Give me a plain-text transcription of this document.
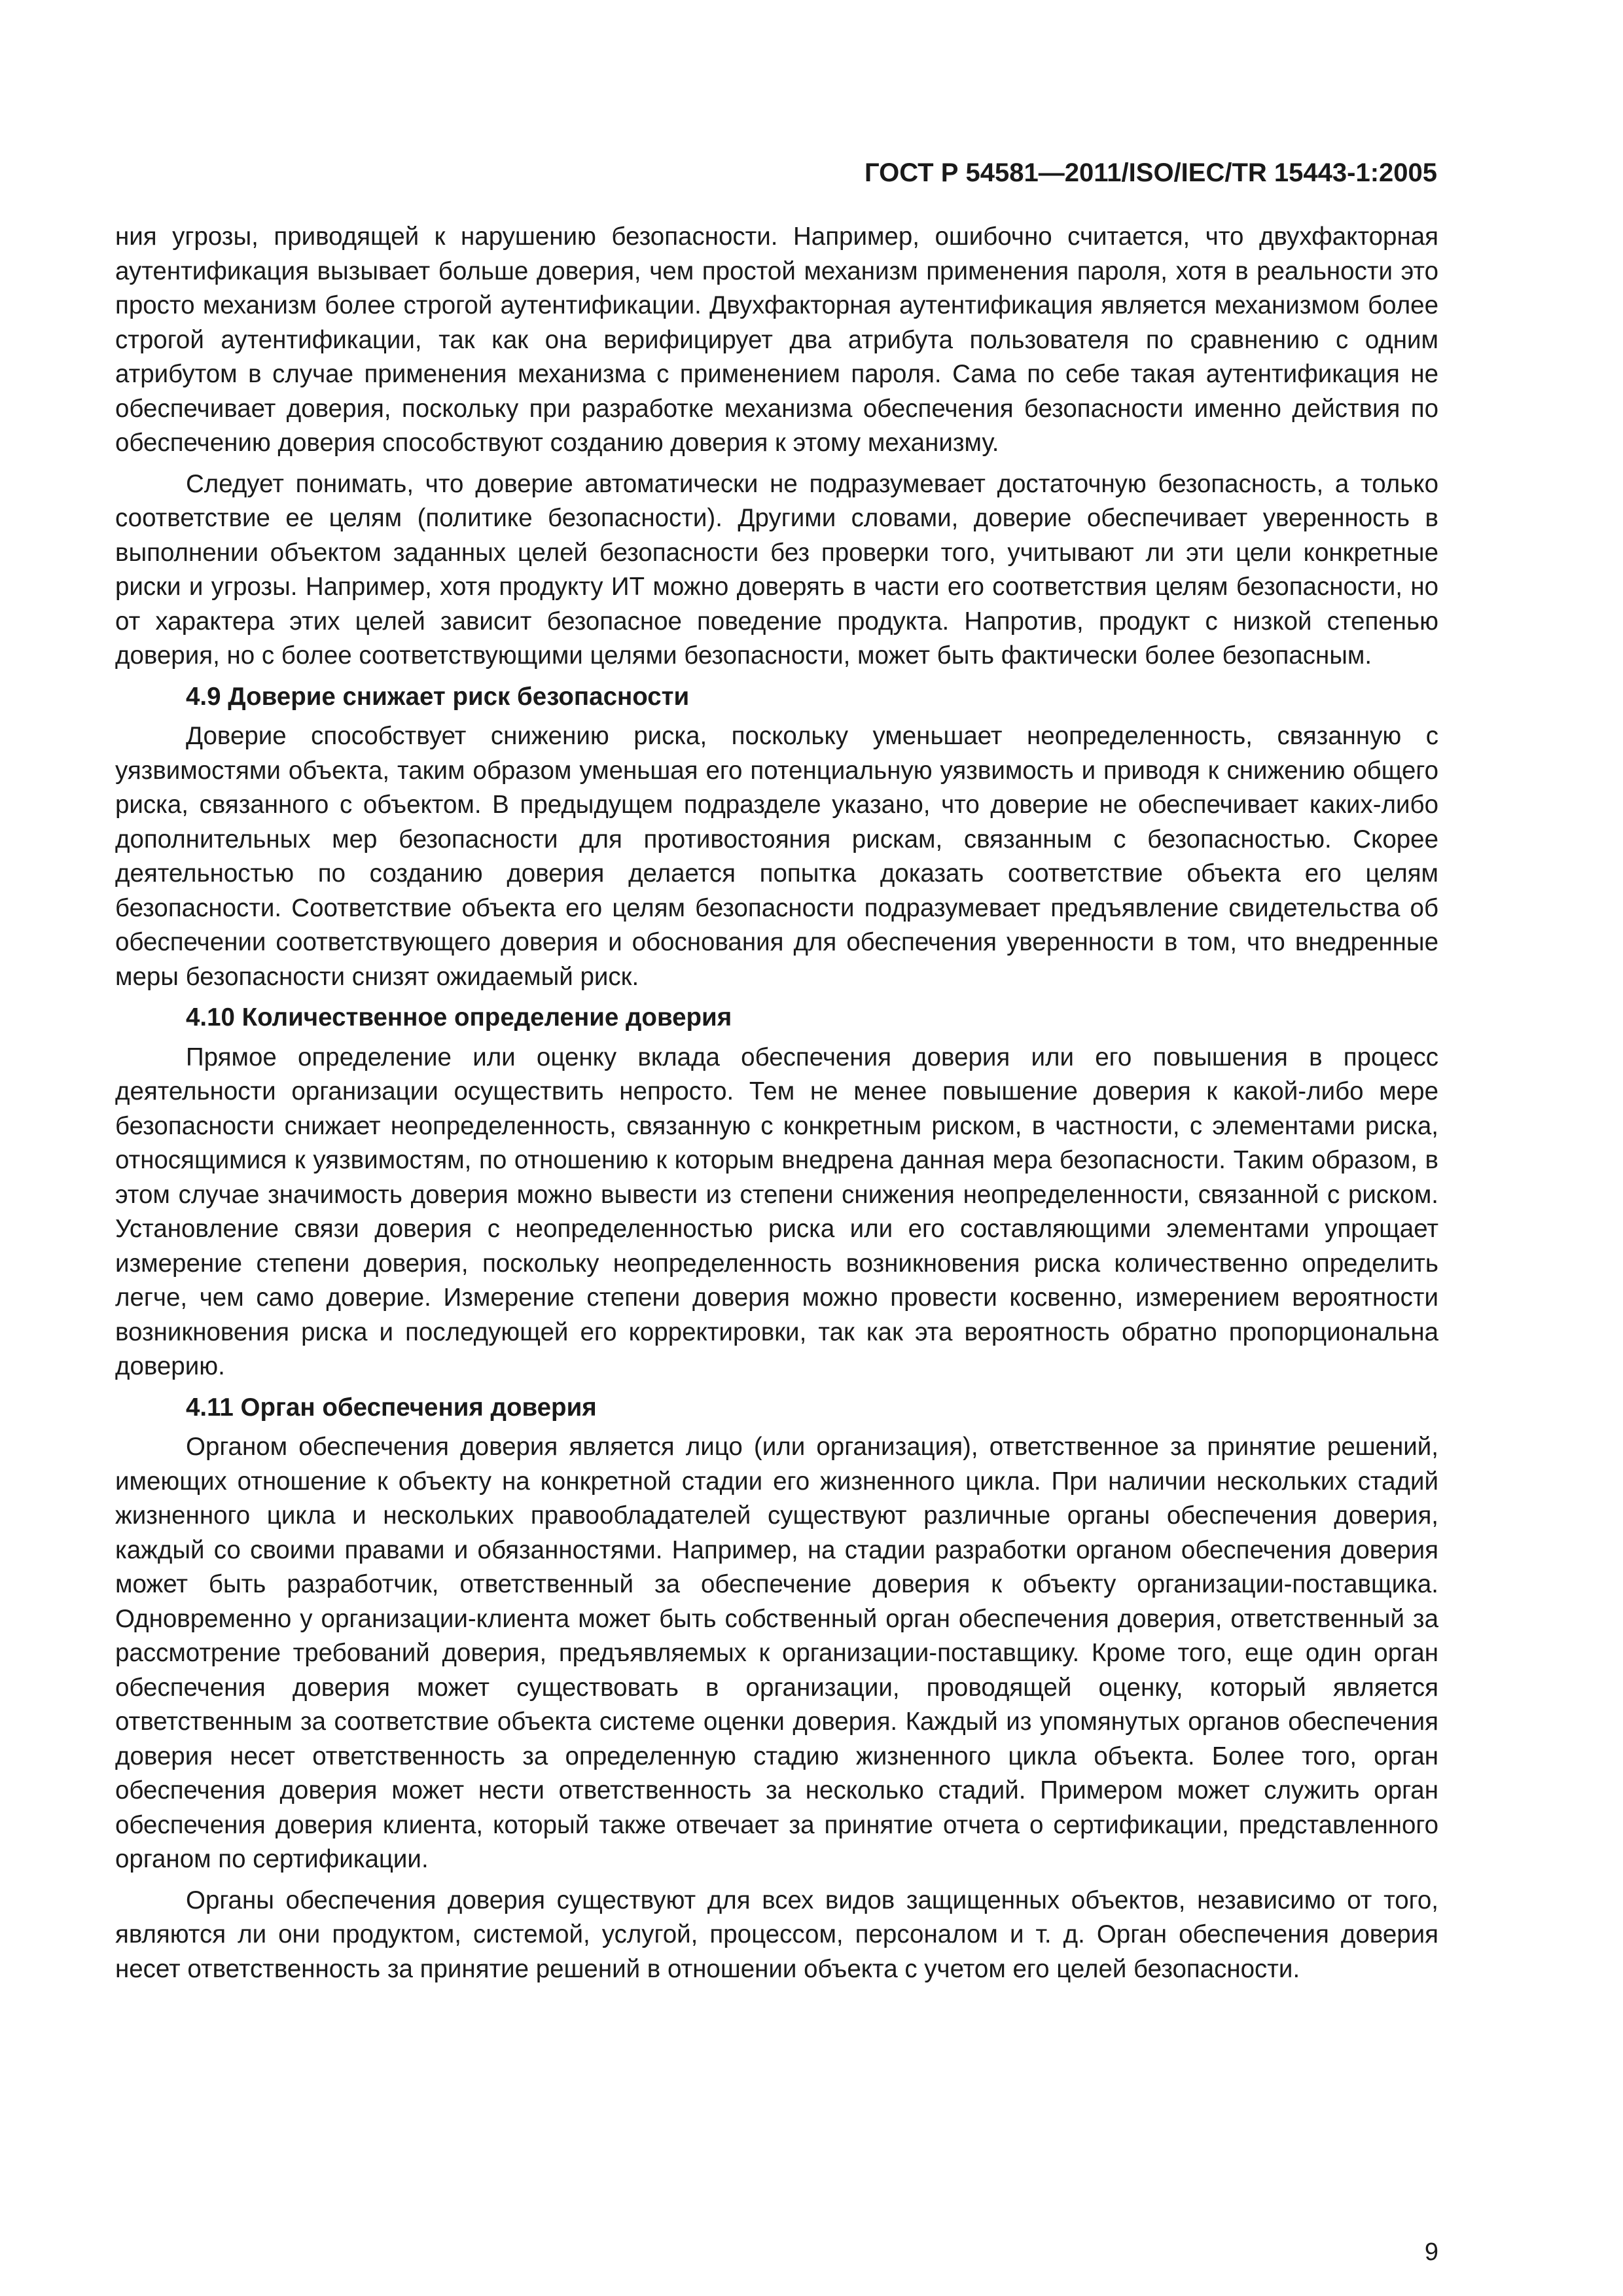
ГОСТ Р 54581—2011/ISO/IEC/TR 15443-1:2005

ния угрозы, приводящей к нарушению безопасности. Например, ошибочно считается, что двухфакторная аутентификация вызывает больше доверия, чем простой механизм применения пароля, хотя в реальности это просто механизм более строгой аутентификации. Двухфакторная аутентификация является механизмом более строгой аутентификации, так как она верифицирует два атрибута пользователя по сравнению с одним атрибутом в случае применения механизма с применением пароля. Сама по себе такая аутентификация не обеспечивает доверия, поскольку при разработке механизма обеспечения безопасности именно действия по обеспечению доверия способствуют созданию доверия к этому механизму.

Следует понимать, что доверие автоматически не подразумевает достаточную безопасность, а только соответствие ее целям (политике безопасности). Другими словами, доверие обеспечивает уверенность в выполнении объектом заданных целей безопасности без проверки того, учитывают ли эти цели конкретные риски и угрозы. Например, хотя продукту ИТ можно доверять в части его соответствия целям безопасности, но от характера этих целей зависит безопасное поведение продукта. Напротив, продукт с низкой степенью доверия, но с более соответствующими целями безопасности, может быть фактически более безопасным.

4.9 Доверие снижает риск безопасности

Доверие способствует снижению риска, поскольку уменьшает неопределенность, связанную с уязвимостями объекта, таким образом уменьшая его потенциальную уязвимость и приводя к снижению общего риска, связанного с объектом. В предыдущем подразделе указано, что доверие не обеспечивает каких-либо дополнительных мер безопасности для противостояния рискам, связанным с безопасностью. Скорее деятельностью по созданию доверия делается попытка доказать соответствие объекта его целям безопасности. Соответствие объекта его целям безопасности подразумевает предъявление свидетельства об обеспечении соответствующего доверия и обоснования для обеспечения уверенности в том, что внедренные меры безопасности снизят ожидаемый риск.

4.10 Количественное определение доверия

Прямое определение или оценку вклада обеспечения доверия или его повышения в процесс деятельности организации осуществить непросто. Тем не менее повышение доверия к какой-либо мере безопасности снижает неопределенность, связанную с конкретным риском, в частности, с элементами риска, относящимися к уязвимостям, по отношению к которым внедрена данная мера безопасности. Таким образом, в этом случае значимость доверия можно вывести из степени снижения неопределенности, связанной с риском. Установление связи доверия с неопределенностью риска или его составляющими элементами упрощает измерение степени доверия, поскольку неопределенность возникновения риска количественно определить легче, чем само доверие. Измерение степени доверия можно провести косвенно, измерением вероятности возникновения риска и последующей его корректировки, так как эта вероятность обратно пропорциональна доверию.

4.11 Орган обеспечения доверия

Органом обеспечения доверия является лицо (или организация), ответственное за принятие решений, имеющих отношение к объекту на конкретной стадии его жизненного цикла. При наличии нескольких стадий жизненного цикла и нескольких правообладателей существуют различные органы обеспечения доверия, каждый со своими правами и обязанностями. Например, на стадии разработки органом обеспечения доверия может быть разработчик, ответственный за обеспечение доверия к объекту организации-поставщика. Одновременно у организации-клиента может быть собственный орган обеспечения доверия, ответственный за рассмотрение требований доверия, предъявляемых к организации-поставщику. Кроме того, еще один орган обеспечения доверия может существовать в организации, проводящей оценку, который является ответственным за соответствие объекта системе оценки доверия. Каждый из упомянутых органов обеспечения доверия несет ответственность за определенную стадию жизненного цикла объекта. Более того, орган обеспечения доверия может нести ответственность за несколько стадий. Примером может служить орган обеспечения доверия клиента, который также отвечает за принятие отчета о сертификации, представленного органом по сертификации.

Органы обеспечения доверия существуют для всех видов защищенных объектов, независимо от того, являются ли они продуктом, системой, услугой, процессом, персоналом и т. д. Орган обеспечения доверия несет ответственность за принятие решений в отношении объекта с учетом его целей безопасности.

9
